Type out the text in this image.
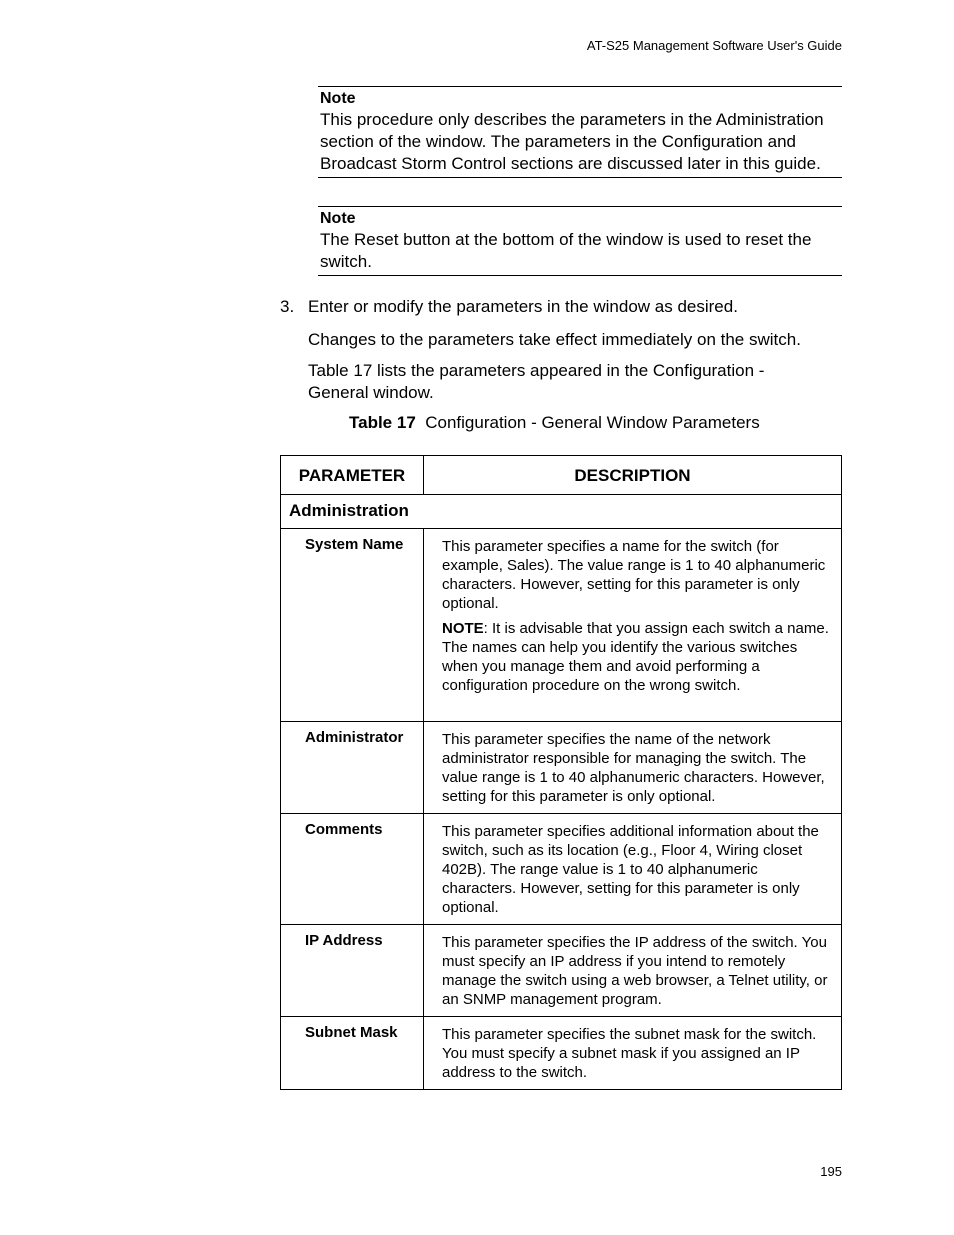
AT-S25 Management Software User's Guide
Note
This procedure only describes the parameters in the Administration section of the window. The parameters in the Configuration and Broadcast Storm Control sections are discussed later in this guide.
Note
The Reset button at the bottom of the window is used to reset the switch.
3. Enter or modify the parameters in the window as desired.
Changes to the parameters take effect immediately on the switch.
Table 17 lists the parameters appeared in the Configuration - General window.
Table 17 Configuration - General Window Parameters
PARAMETER	DESCRIPTION
Administration	
System Name	This parameter specifies a name for the switch (for example, Sales). The value range is 1 to 40 alphanumeric characters. However, setting for this parameter is only optional.

NOTE: It is advisable that you assign each switch a name. The names can help you identify the various switches when you manage them and avoid performing a configuration procedure on the wrong switch.

Administrator	This parameter specifies the name of the network administrator responsible for managing the switch. The value range is 1 to 40 alphanumeric characters. However, setting for this parameter is only optional.

Comments	This parameter specifies additional information about the switch, such as its location (e.g., Floor 4, Wiring closet 402B). The range value is 1 to 40 alphanumeric characters. However, setting for this parameter is only optional.

IP Address	This parameter specifies the IP address of the switch. You must specify an IP address if you intend to remotely manage the switch using a web browser, a Telnet utility, or an SNMP management program.

Subnet Mask	This parameter specifies the subnet mask for the switch. You must specify a subnet mask if you assigned an IP address to the switch.

195
